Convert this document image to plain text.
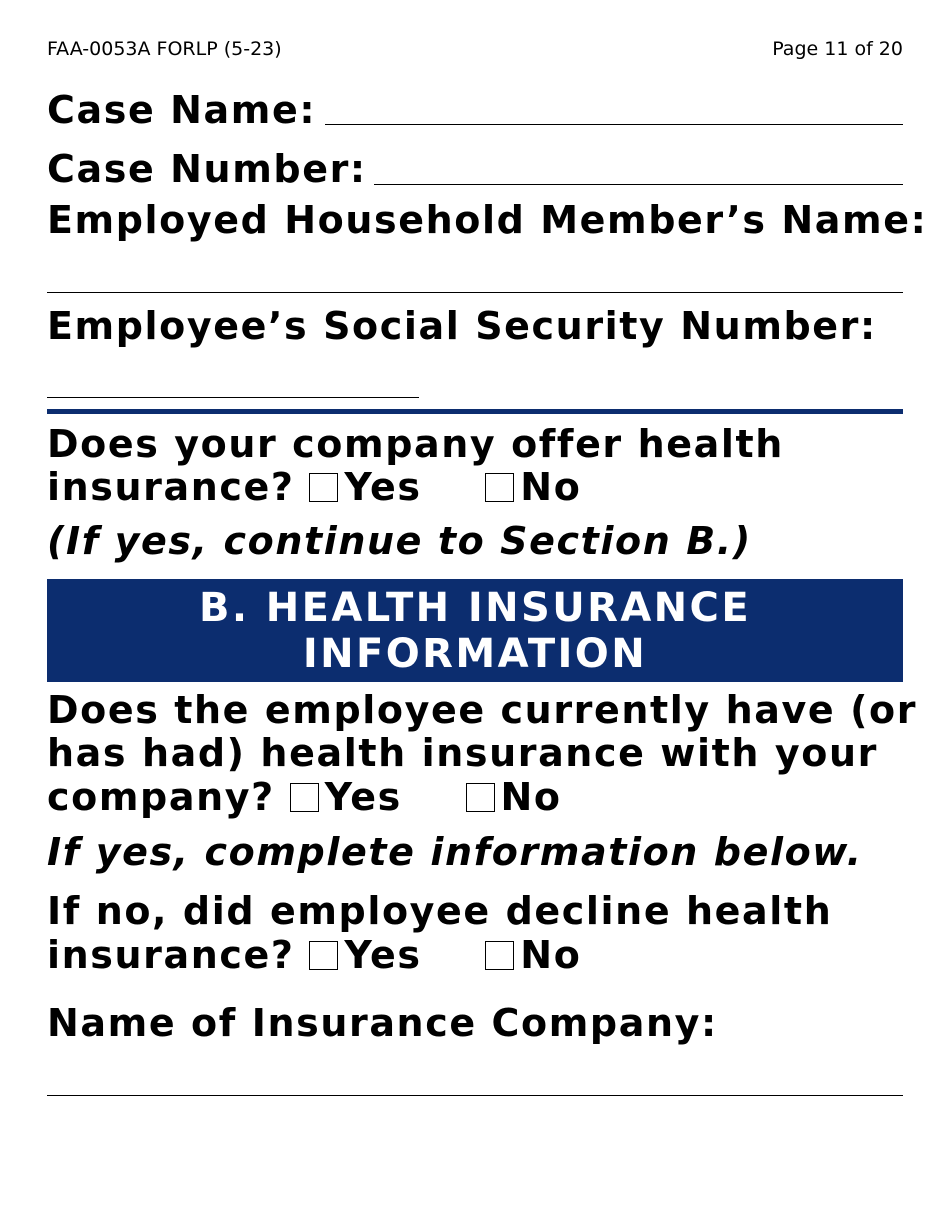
FAA-0053A FORLP (5-23)	Page 11 of 20
Case Name:
Case Number:
Employed Household Member’s Name:
Employee’s Social Security Number:
Does your company offer health
insurance? Yes	No
(If yes, continue to Section B.)
B. HEALTH INSURANCE
INFORMATION
Does the employee currently have (or
has had) health insurance with your
company? Yes	No
If yes, complete information below.
If no, did employee decline health
insurance? Yes	No
Name of Insurance Company:
